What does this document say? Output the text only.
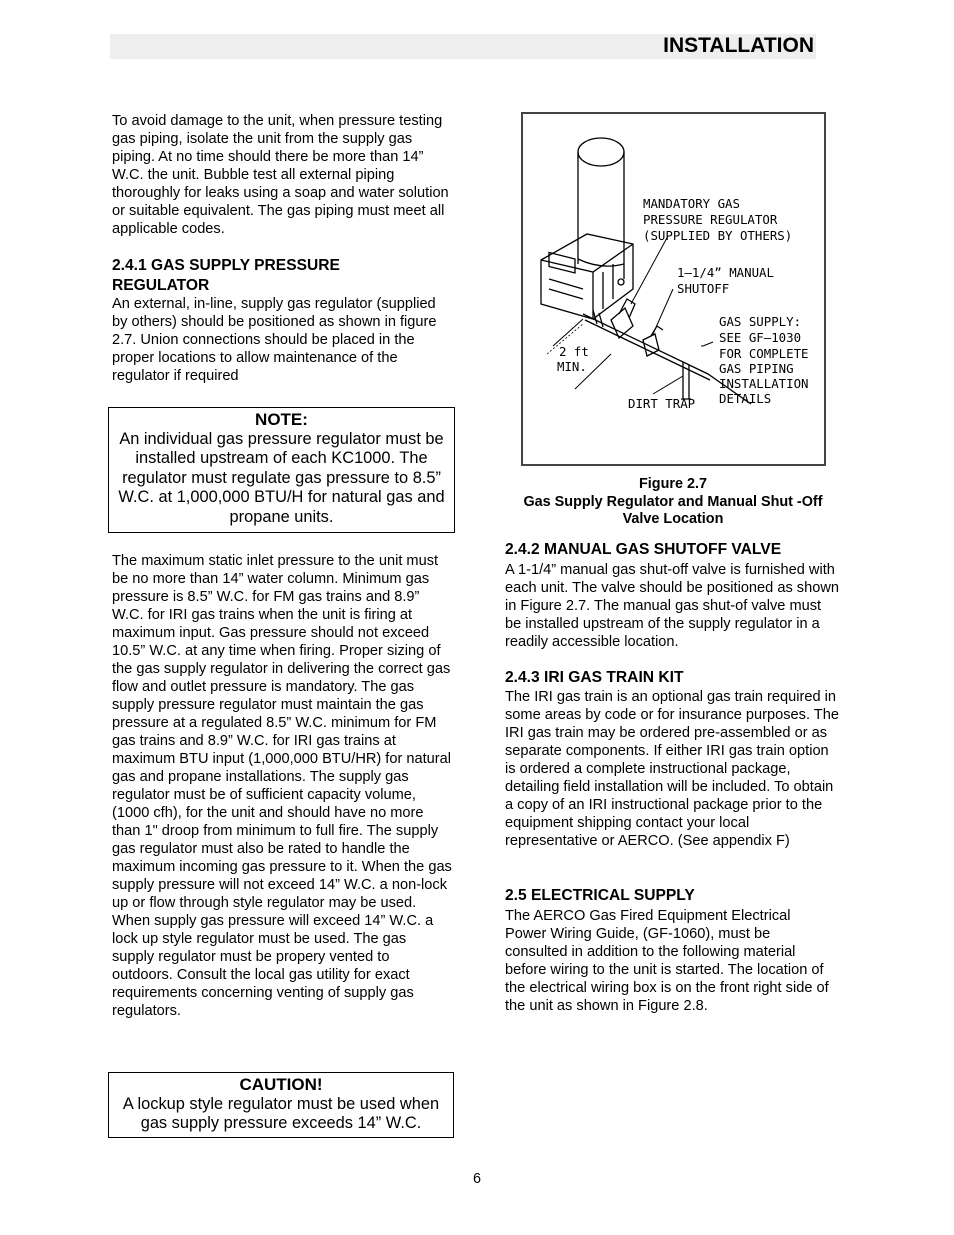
INSTALLATION

To avoid damage to the unit, when pressure testing gas piping, isolate the unit from the supply gas piping. At no time should there be more than 14” W.C. the unit. Bubble test all external piping thoroughly for leaks using a soap and water solution or suitable equivalent. The gas piping must meet all applicable codes.

2.4.1 GAS SUPPLY PRESSURE REGULATOR

An external, in-line, supply gas regulator (supplied by others) should be positioned as shown in figure 2.7. Union connections should be placed in the proper locations to allow maintenance of the regulator if required

NOTE:
An individual gas pressure regulator must be installed upstream of each KC1000. The regulator must regulate gas pressure to 8.5” W.C. at 1,000,000 BTU/H for natural gas and propane units.

The maximum static inlet pressure to the unit must be no more than 14” water column. Minimum gas pressure is 8.5” W.C. for FM gas trains and 8.9” W.C. for IRI gas trains when the unit is firing at maximum input. Gas pressure should not exceed 10.5” W.C. at any time when firing. Proper sizing of the gas supply regulator in delivering the correct gas flow and outlet pressure is mandatory. The gas supply pressure regulator must maintain the gas pressure at a regulated 8.5” W.C. minimum for FM gas trains and 8.9” W.C. for IRI gas trains at maximum BTU input (1,000,000 BTU/HR) for natural gas and propane installations. The supply gas regulator must be of sufficient capacity volume, (1000 cfh), for the unit and should have no more than 1" droop from minimum to full fire. The supply gas regulator must also be rated to handle the maximum incoming gas pressure to it. When the gas supply pressure will not exceed 14” W.C. a non-lock up or flow through style regulator may be used. When supply gas pressure will exceed 14” W.C. a lock up style regulator must be used. The gas supply regulator must be propery vented to outdoors. Consult the local gas utility for exact requirements concerning venting of supply gas regulators.

CAUTION!
A lockup style regulator must be used when gas supply pressure exceeds 14” W.C.
MANDATORY GAS
PRESSURE REGULATOR
(SUPPLIED BY OTHERS)
1–1/4” MANUAL
SHUTOFF
GAS SUPPLY:
SEE GF–1030
FOR COMPLETE
GAS PIPING
INSTALLATION
DETAILS
2 ft
MIN.
DIRT TRAP
Figure 2.7
Gas Supply Regulator and Manual Shut -Off Valve Location

2.4.2 MANUAL GAS SHUTOFF VALVE

A 1-1/4” manual gas shut-off valve is furnished with each unit. The valve should be positioned as shown in Figure 2.7. The manual gas shut-of valve must be installed upstream of the supply regulator in a readily accessible location.

2.4.3 IRI GAS TRAIN KIT

The IRI gas train is an optional gas train required in some areas by code or for insurance purposes. The IRI gas train may be ordered pre-assembled or as separate components. If either IRI gas train option is ordered a complete instructional package, detailing field installation will be included. To obtain a copy of an IRI instructional package prior to the equipment shipping contact your local representative or AERCO. (See appendix F)

2.5 ELECTRICAL SUPPLY

The AERCO Gas Fired Equipment Electrical Power Wiring Guide, (GF-1060), must be consulted in addition to the following material before wiring to the unit is started. The location of the electrical wiring box is on the front right side of the unit as shown in Figure 2.8.

6
